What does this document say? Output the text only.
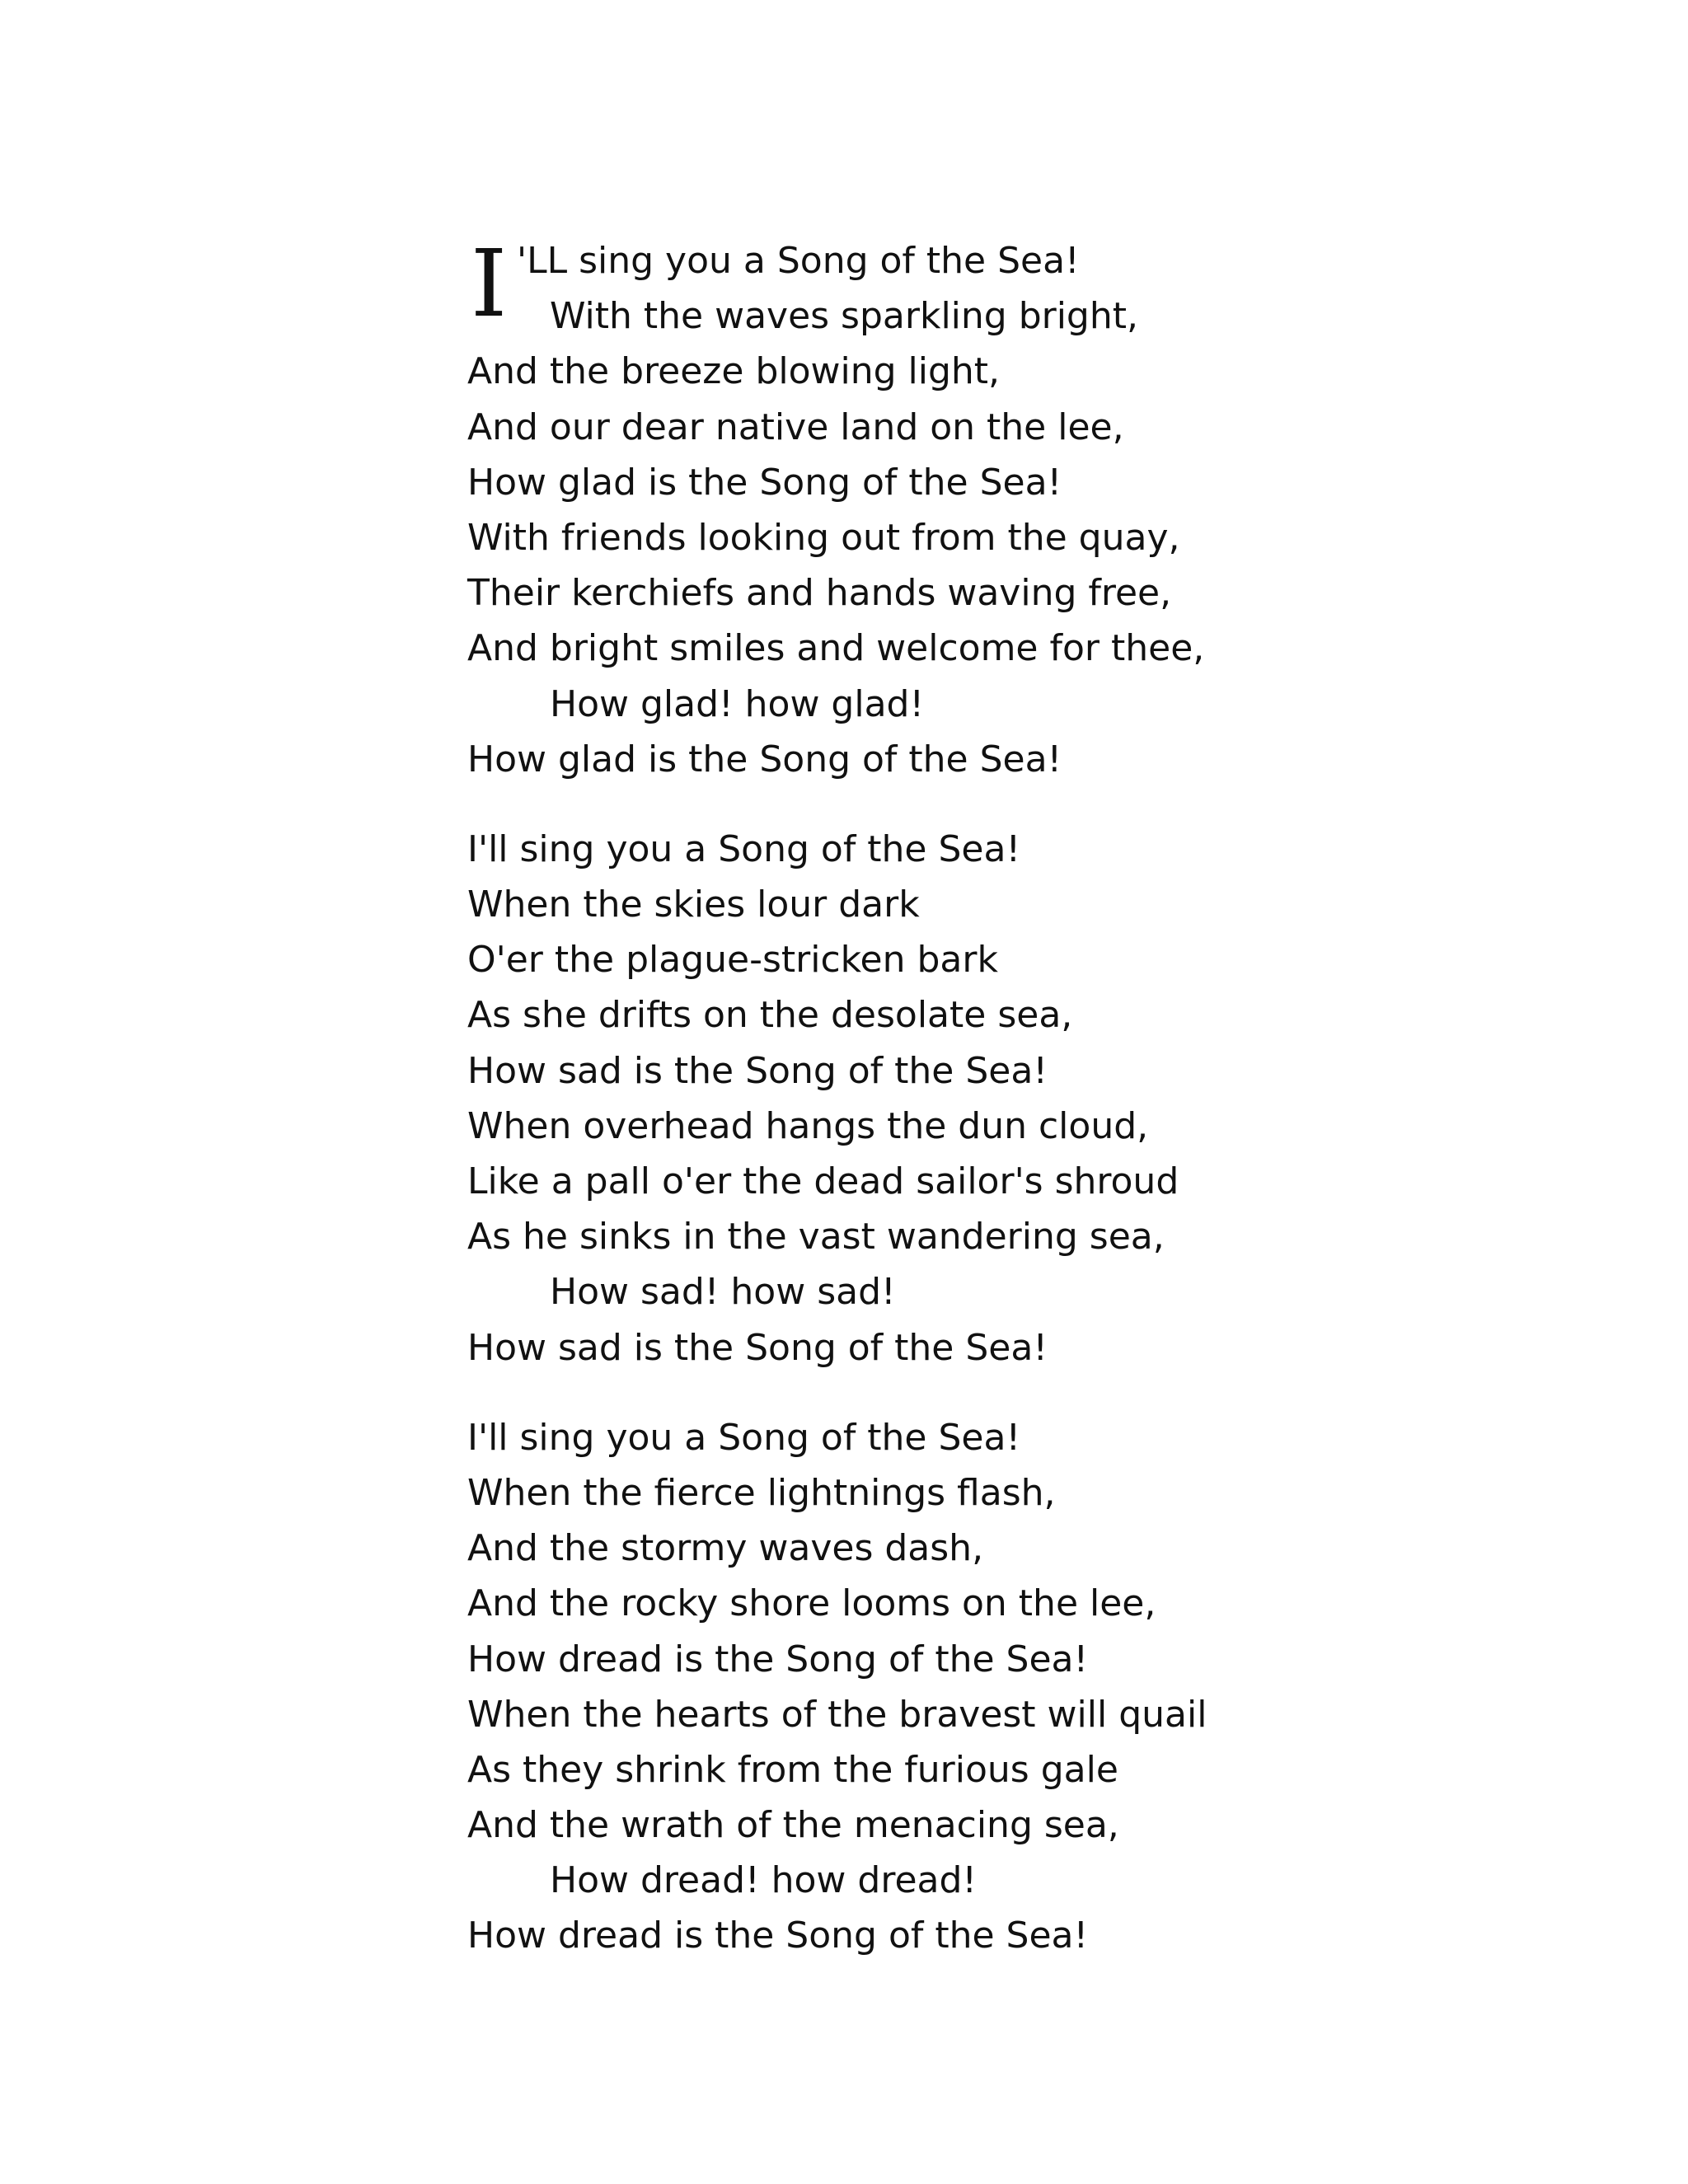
I 'LL sing you a Song of the Sea!
With the waves sparkling bright,
And the breeze blowing light,
And our dear native land on the lee,
How glad is the Song of the Sea!
With friends looking out from the quay,
Their kerchiefs and hands waving free,
And bright smiles and welcome for thee,
How glad! how glad!
How glad is the Song of the Sea!
I'll sing you a Song of the Sea!
When the skies lour dark
O'er the plague-stricken bark
As she drifts on the desolate sea,
How sad is the Song of the Sea!
When overhead hangs the dun cloud,
Like a pall o'er the dead sailor's shroud
As he sinks in the vast wandering sea,
How sad! how sad!
How sad is the Song of the Sea!
I'll sing you a Song of the Sea!
When the fierce lightnings flash,
And the stormy waves dash,
And the rocky shore looms on the lee,
How dread is the Song of the Sea!
When the hearts of the bravest will quail
As they shrink from the furious gale
And the wrath of the menacing sea,
How dread! how dread!
How dread is the Song of the Sea!
